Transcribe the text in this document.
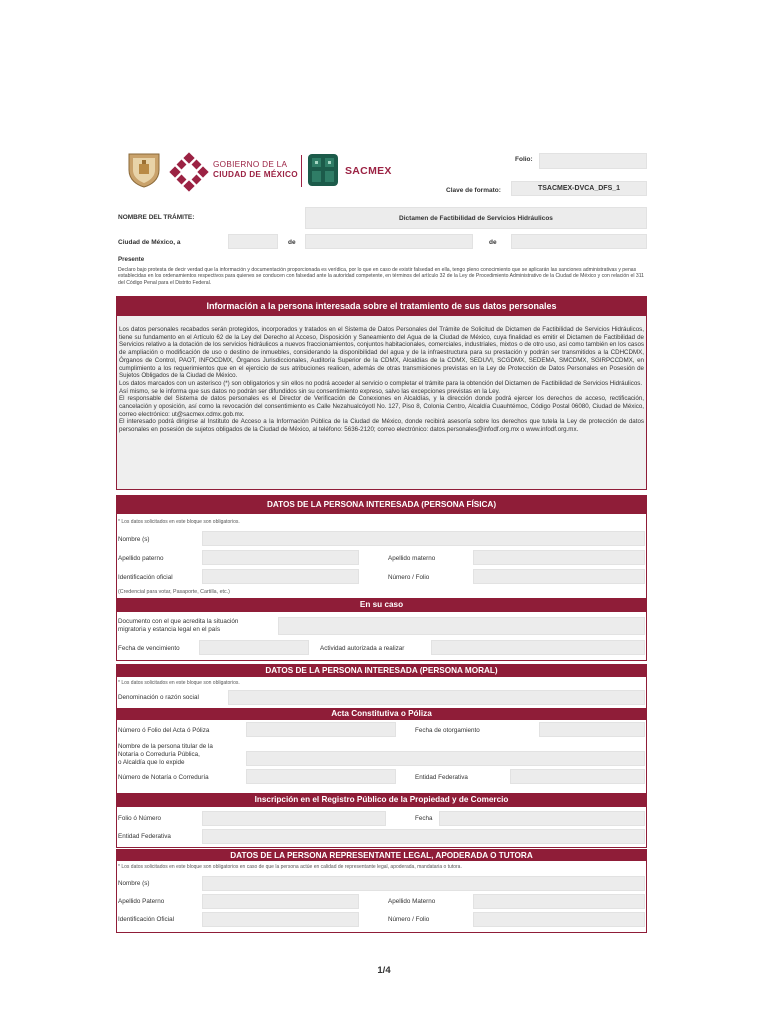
GOBIERNO DE LA
CIUDAD DE MÉXICO	SACMEX
Folio:
Clave de formato:	TSACMEX-DVCA_DFS_1
NOMBRE DEL TRÁMITE:	Dictamen de Factibilidad de Servicios Hidráulicos
Ciudad de México, a	de	de
Presente
Declaro bajo protesta de decir verdad que la información y documentación proporcionada es verídica, por lo que en caso de existir falsedad en ella, tengo pleno conocimiento que se aplicarán las sanciones administrativas y penas establecidas en los ordenamientos respectivos para quienes se conducen con falsedad ante la autoridad competente, en términos del artículo 32 de la Ley de Procedimiento Administrativo de la Ciudad de México y con relación el 311 del Código Penal para el Distrito Federal.
Información a la persona interesada sobre el tratamiento de sus datos personales

Los datos personales recabados serán protegidos, incorporados y tratados en el Sistema de Datos Personales del Trámite de Solicitud de Dictamen de Factibilidad de Servicios Hidráulicos, tiene su fundamento en el Artículo 62 de la Ley del Derecho al Acceso, Disposición y Saneamiento del Agua de la Ciudad de México, cuya finalidad es emitir el Dictamen de Factibilidad de Servicios relativo a la dotación de los servicios hidráulicos a nuevos fraccionamientos, conjuntos habitacionales, comerciales, industriales, mixtos o de otro uso, así como también en los casos de ampliación o modificación de uso o destino de inmuebles, considerando la disponibilidad del agua y de la infraestructura para su prestación y podrán ser transmitidos a la CDHCDMX, Órganos de Control, PAOT, INFOCDMX, Órganos Jurisdiccionales, Auditoría Superior de la CDMX, Alcaldías de la CDMX, SEDUVI, SCGDMX, SEDEMA, SMCDMX, SGIRPCCDMX, en cumplimiento a los requerimientos que en el ejercicio de sus atribuciones realicen, además de otras transmisiones previstas en la Ley de Protección de Datos Personales en Posesión de Sujetos Obligados de la Ciudad de México.

Los datos marcados con un asterisco (*) son obligatorios y sin ellos no podrá acceder al servicio o completar el trámite para la obtención del Dictamen de Factibilidad de Servicios Hidráulicos.

Así mismo, se le informa que sus datos no podrán ser difundidos sin su consentimiento expreso, salvo las excepciones previstas en la Ley.

El responsable del Sistema de datos personales es el Director de Verificación de Conexiones en Alcaldías, y la dirección donde podrá ejercer los derechos de acceso, rectificación, cancelación y oposición, así como la revocación del consentimiento es Calle Nezahualcóyotl No. 127, Piso 8, Colonia Centro, Alcaldía Cuauhtémoc, Código Postal 06080, Ciudad de México, correo electrónico: ut@sacmex.cdmx.gob.mx.

El interesado podrá dirigirse al Instituto de Acceso a la Información Pública de la Ciudad de México, donde recibirá asesoría sobre los derechos que tutela la Ley de protección de datos personales en posesión de sujetos obligados de la Ciudad de México, al teléfono: 5636-2120; correo electrónico: datos.personales@infodf.org.mx o www.infodf.org.mx.

DATOS DE LA PERSONA INTERESADA (PERSONA FÍSICA)
* Los datos solicitados en este bloque son obligatorios.
Nombre (s)
Apellido paterno	Apellido materno
Identificación oficial	Número / Folio
(Credencial para votar, Pasaporte, Cartilla, etc.)
En su caso
Documento con el que acredita la situación
migratoria y estancia legal en el país
Fecha de vencimiento	Actividad autorizada a realizar
DATOS DE LA PERSONA INTERESADA (PERSONA MORAL)
* Los datos solicitados en este bloque son obligatorios.
Denominación o razón social
Acta Constitutiva o Póliza
Número ó Folio del Acta ó Póliza	Fecha de otorgamiento
Nombre de la persona titular de la
Notaría o Correduría Pública,
o Alcaldía que lo expide
Número de Notaría o Correduría	Entidad Federativa
Inscripción en el Registro Público de la Propiedad y de Comercio
Folio ó Número	Fecha
Entidad Federativa
DATOS DE LA PERSONA REPRESENTANTE LEGAL, APODERADA O TUTORA
* Los datos solicitados en este bloque son obligatorios en caso de que la persona actúe en calidad de representante legal, apoderada, mandataria o tutora.
Nombre (s)
Apellido Paterno	Apellido Materno
Identificación Oficial	Número / Folio
1/4
